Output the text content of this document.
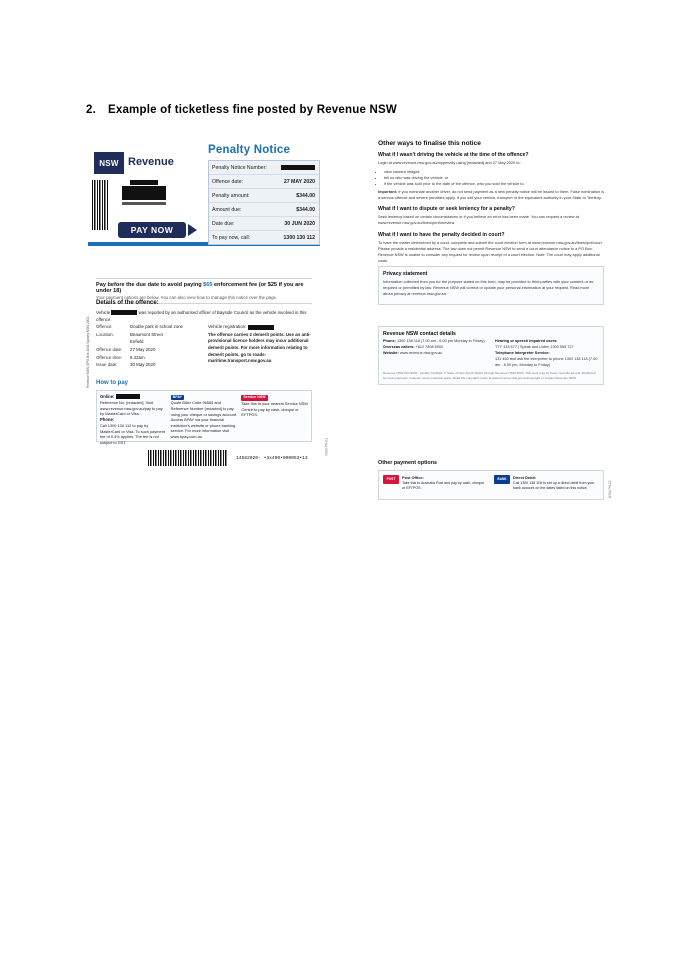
2. Example of ticketless fine posted by Revenue NSW
NSW Revenue
Penalty Notice
PAY NOW
Penalty Notice Number:
Offence date:	27 MAY 2020
Penalty amount:	$344.00
Amount due:	$344.00
Date due:	30 JUN 2020
To pay now, call:	1300 130 112
Pay before the due date to avoid paying $65 enforcement fee (or $25 if you are under 18)
Your payment options are below. You can also view how to manage this notice over the page.
Details of the offence:
Vehicle	was reported by an authorised officer of Bayside Council as the vehicle involved in this offence.
Offence:	Double park in school zone
Location:	Beaumont Street
Enfield
Offence date: 27 May 2020
Offence time: 8.42am
Issue date:	30 May 2020
Vehicle registration:
The offence carries 2 demerit points. Use an anti-provisional licence holders may incur additional demerit points. For more information relating to demerit points, go to roads-maritime.transport.nsw.gov.au
How to pay
Online:
Reference No. [redacted]. Visit www.revenue.nsw.gov.au/pay to pay by MasterCard or Visa.
Phone:
Call 1300 130 112 to pay by MasterCard or Visa. To such payment fee of 0.4% applies. The fee is not subject to GST.
BPAY
Quote Biller Code 96565 and Reference Number [redacted] to pay, using your cheque or savings account. Access BPAY via your financial institution's website or phone banking service. For more information visit www.bpay.com.au
Service NSW
Take this to your nearest Service NSW Centre to pay by cash, cheque or EFTPOS.
14582020- •3x400•000053•13
Revenue NSW GPO Box 4042 Sydney NSW 2001
NSW-PN-01
Other ways to finalise this notice
What if I wasn't driving the vehicle at the time of the offence?
Login at www.revenue.nsw.gov.au/mypenalty using [redacted] and 27 May 2020 to:
• view camera images
• tell us who was driving the vehicle, or
• if the vehicle was sold prior to the date of the offence, who you sold the vehicle to.
Important: If you nominate another driver, do not send payment as a new penalty notice will be issued to them. False nomination is a serious offence and severe penalties apply. If you sell your vehicle, transport or the equivalent authority in your State or Territory.
What if I want to dispute or seek leniency for a penalty?
Seek leniency based on certain circumstances or if you believe an error has been made. You can request a review at www.revenue.nsw.gov.au/fines/penforreview
What if I want to have the penalty decided in court?
To have the matter determined by a court, complete and submit the court election form at www.revenue.nsw.gov.au/fines/ipct/court. Please provide a residential address. The law does not permit Revenue NSW to send a court attendance notice to a PO Box. Revenue NSW is unable to consider any request for review upon receipt of a court election. Note: The court may apply additional costs.
Privacy statement
Information collected from you for the purpose stated on this form, may be provided to third parties with your consent or as required or permitted by law. Revenue NSW will correct or update your personal information at your request. Read more about privacy at revenue.nsw.gov.au.
Revenue NSW contact details
Phone: 1300 138 118 (7.00 am - 6.00 pm Monday to Friday)
Overseas callers: +612 7808 6900
Website: www.revenue.nsw.gov.au
Hearing or speech impaired users:
TTY 133 677 | Speak and Listen 1300 555 727
Telephone Interpreter Service:
131 450 and ask the interpreter to phone 1300 138 118 (7.00 am - 6.00 pm, Monday to Friday)
Revenue NSW ISO 9001 - Quality Certified. © State of New South Wales through Revenue NSW 2020. This work may be freely reproduced and distributed for most purposes, however some materials apply. Read the copyright notice at www.revenue.nsw.gov.au/copyright or contact Revenue NSW.
Other payment options
POST	Post Office:
Take this to Australia Post and pay by cash, cheque or EFTPOS.
BANK	Direct Debit:
Call 1300 138 118 to set up a direct debit from your bank account on the dates listed on this notice.	NSW-PN-02
